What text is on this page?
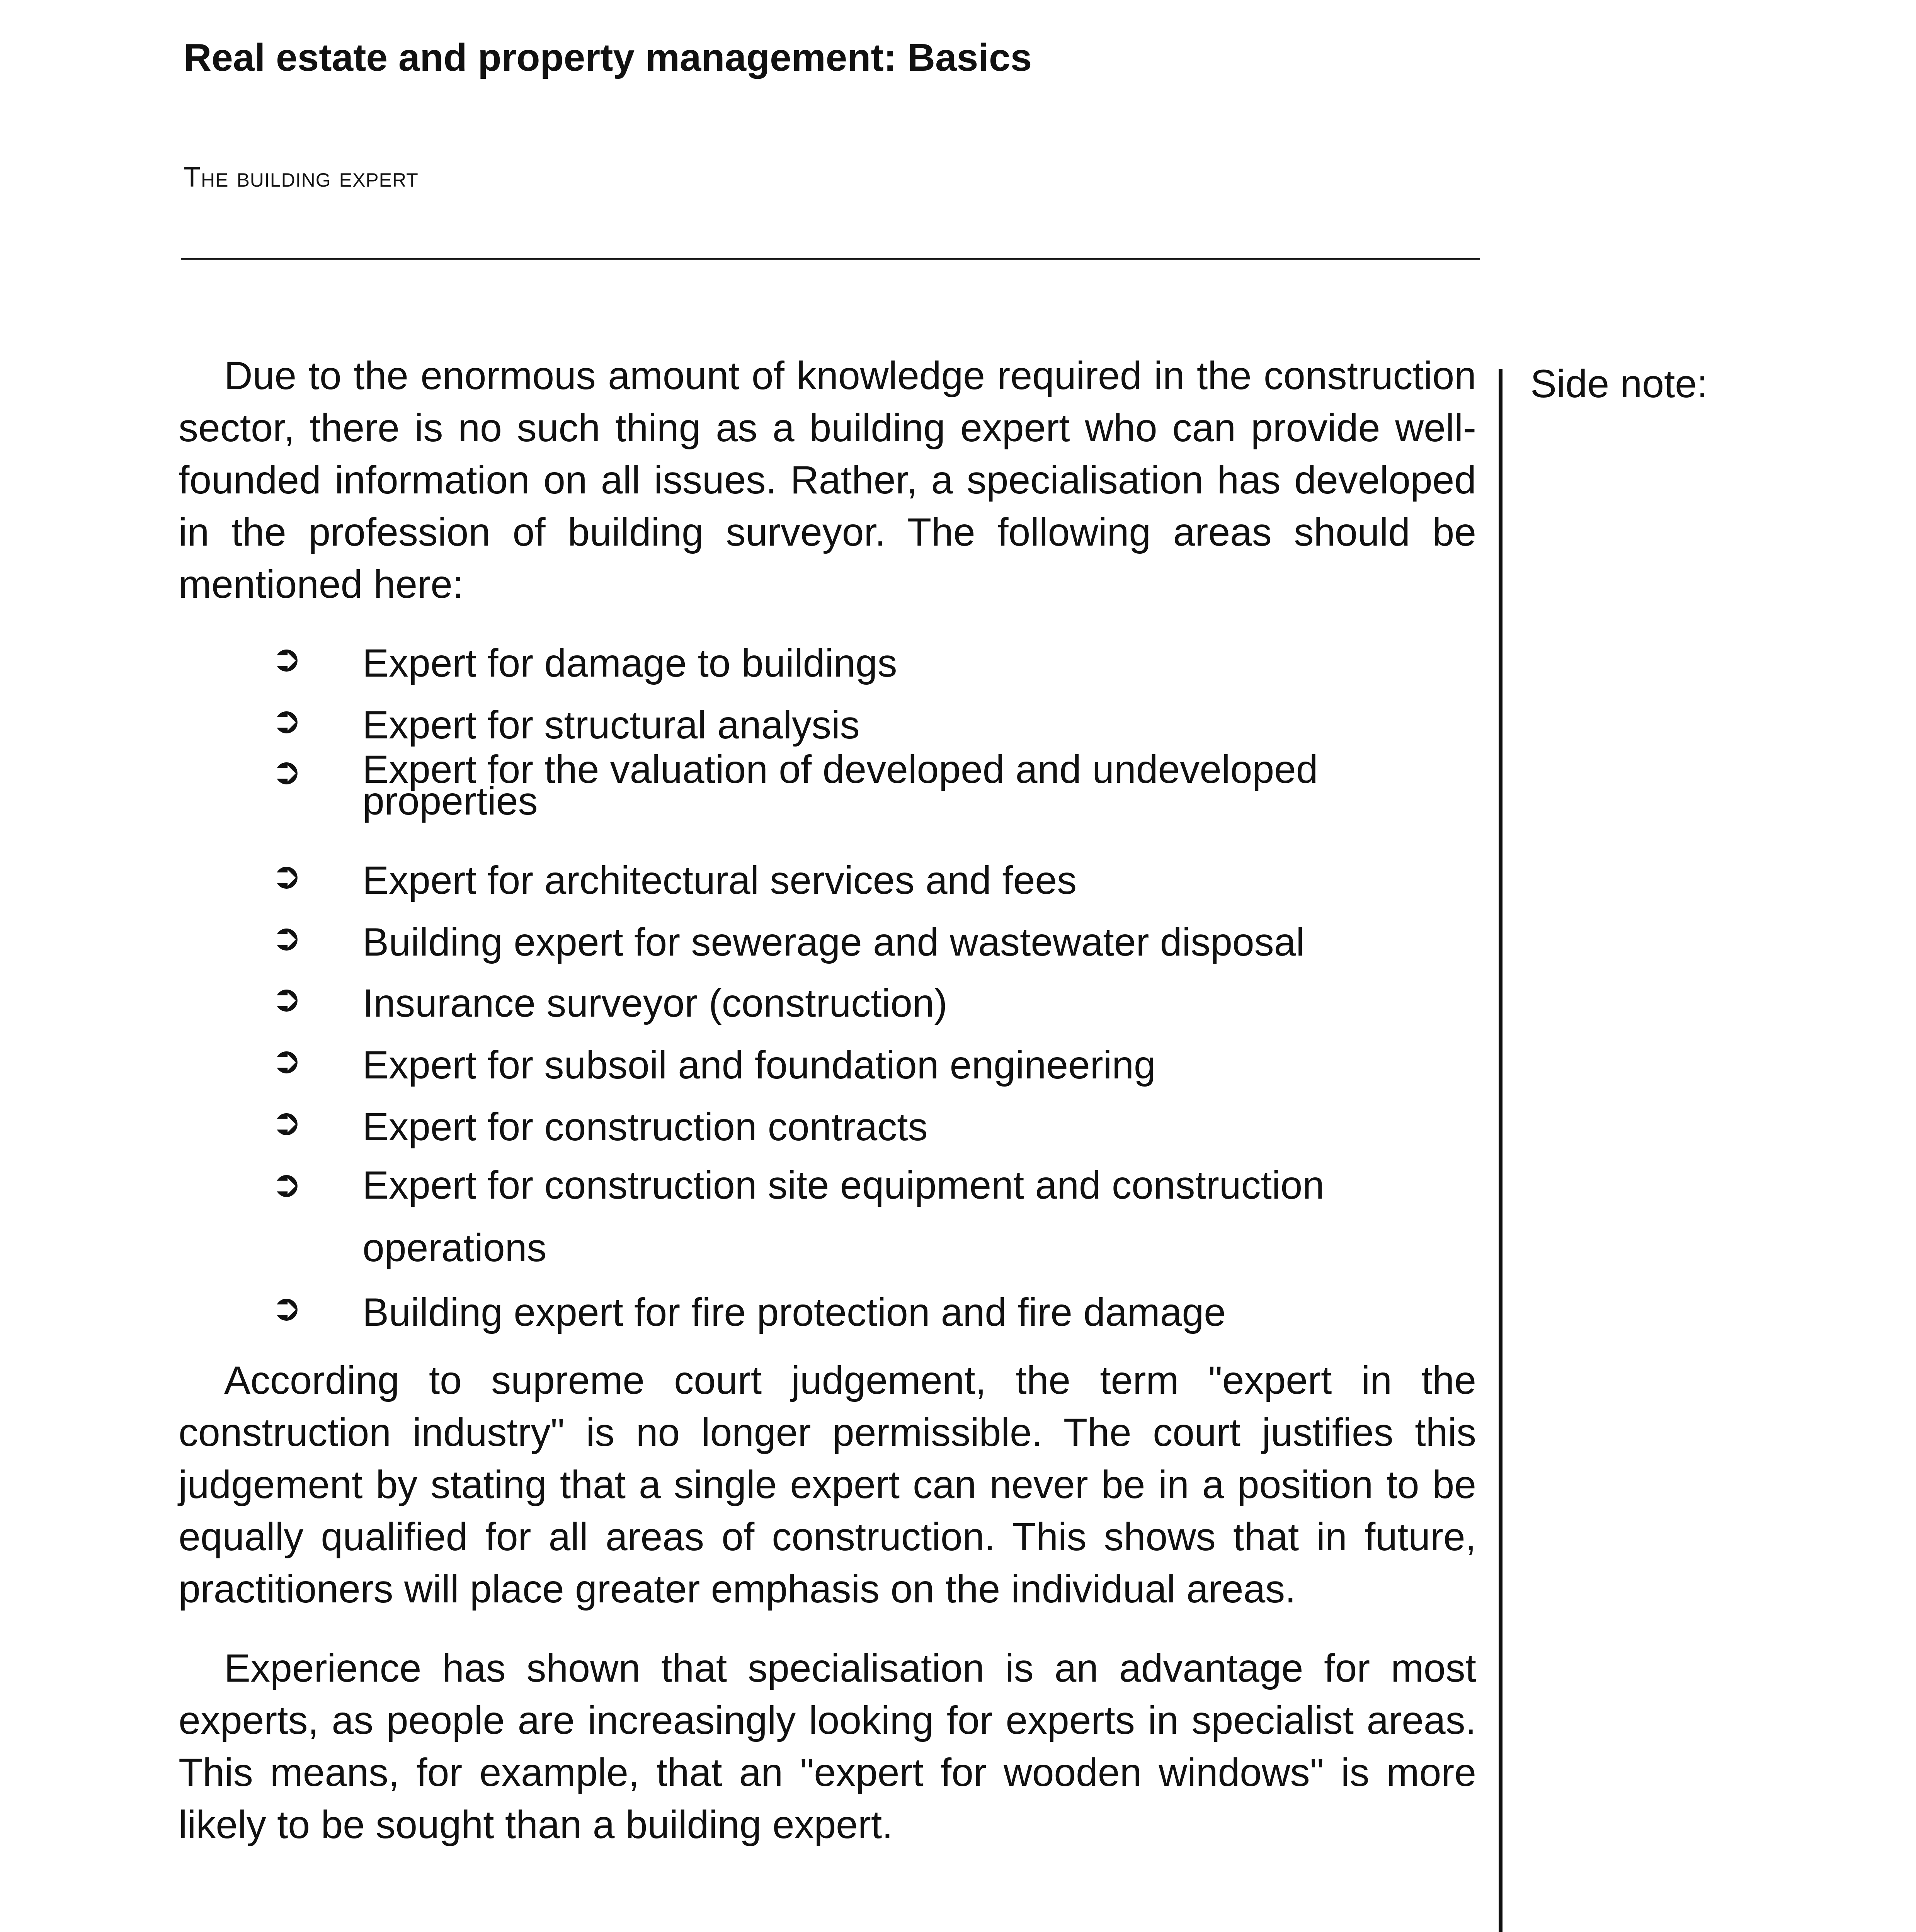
Real estate and property management: Basics
The building expert
Side note:
Due to the enormous amount of knowledge required in the construction sector, there is no such thing as a building expert who can provide well-founded information on all issues. Rather, a specialisation has developed in the profession of building surveyor. The following areas should be mentioned here:
➲ Expert for damage to buildings
➲ Expert for structural analysis
➲ Expert for the valuation of developed and undeveloped properties
➲ Expert for architectural services and fees
➲ Building expert for sewerage and wastewater disposal
➲ Insurance surveyor (construction)
➲ Expert for subsoil and foundation engineering
➲ Expert for construction contracts
➲ Expert for construction site equipment and construction operations
➲ Building expert for fire protection and fire damage
According to supreme court judgement, the term "expert in the construction industry" is no longer permissible. The court justifies this judgement by stating that a single expert can never be in a position to be equally qualified for all areas of construction. This shows that in future, practitioners will place greater emphasis on the individual areas.
Experience has shown that specialisation is an advantage for most experts, as people are increasingly looking for experts in specialist areas. This means, for example, that an "expert for wooden windows" is more likely to be sought than a building expert.
